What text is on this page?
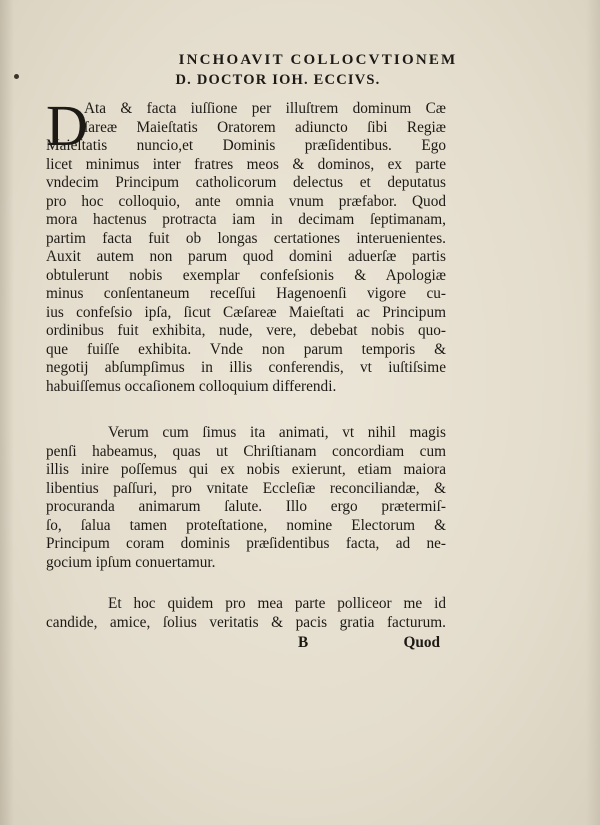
INCHOAVIT COLLOCVTIONEM
D. DOCTOR IOH. ECCIVS.
D
Ata & facta iuſſione per illuſtrem dominum Cæ
ſareæ Maieſtatis Oratorem adiuncto ſibi Regiæ
Maieſtatis nuncio,et Dominis præſidentibus. Ego
licet minimus inter fratres meos & dominos, ex parte
vndecim Principum catholicorum delectus et deputatus
pro hoc colloquio, ante omnia vnum præfabor. Quod
mora hactenus protracta iam in decimam ſeptimanam,
partim facta fuit ob longas certationes interuenientes.
Auxit autem non parum quod domini aduerſæ partis
obtulerunt nobis exemplar confeſsionis & Apologiæ
minus conſentaneum receſſui Hagenoenſi vigore cu-
ius confeſsio ipſa, ſicut Cæſareæ Maieſtati ac Principum
ordinibus fuit exhibita, nude, vere, debebat nobis quo-
que fuiſſe exhibita. Vnde non parum temporis &
negotij abſumpſimus in illis conferendis, vt iuſtiſsime
habuiſſemus occaſionem colloquium differendi.
Verum cum ſimus ita animati, vt nihil magis
penſi habeamus, quas ut Chriſtianam concordiam cum
illis inire poſſemus qui ex nobis exierunt, etiam maiora
libentius paſſuri, pro vnitate Eccleſiæ reconciliandæ, &
procuranda animarum ſalute. Illo ergo prætermiſ-
ſo, ſalua tamen proteſtatione, nomine Electorum &
Principum coram dominis præſidentibus facta, ad ne-
gocium ipſum conuertamur.
Et hoc quidem pro mea parte polliceor me id
candide, amice, ſolius veritatis & pacis gratia facturum.
B	Quod
